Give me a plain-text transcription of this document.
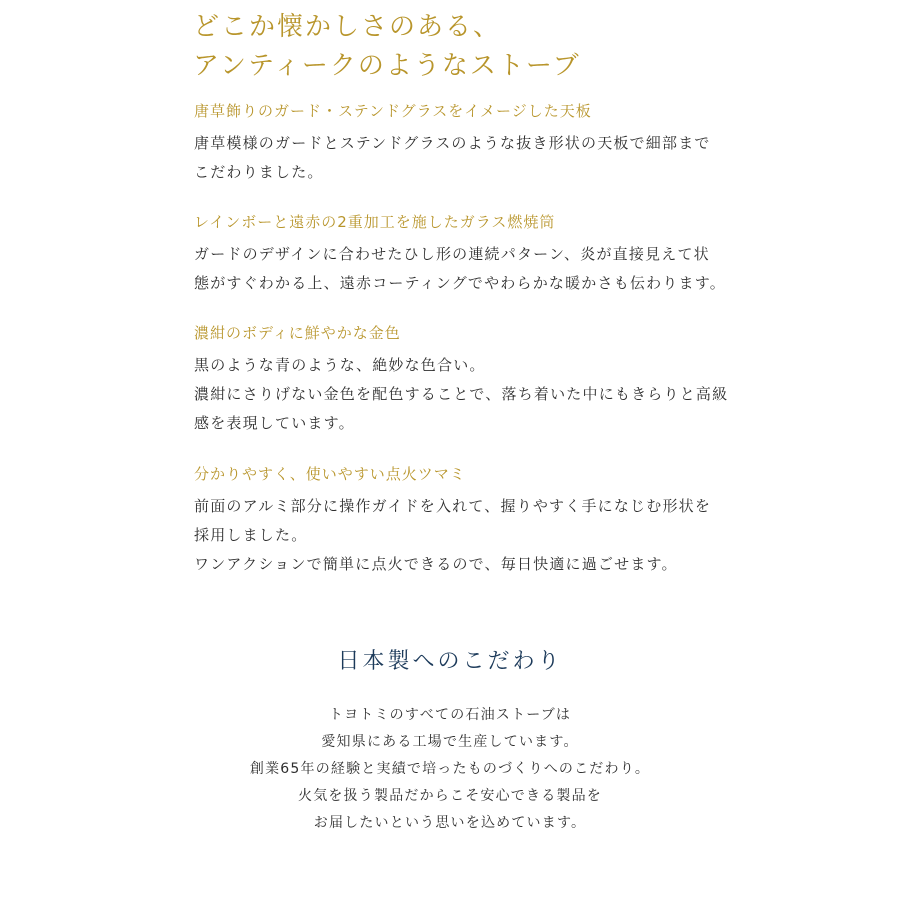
どこか懐かしさのある、
アンティークのようなストーブ
唐草飾りのガード・ステンドグラスをイメージした天板

唐草模様のガードとステンドグラスのような抜き形状の天板で細部まで
こだわりました。

レインボーと遠赤の2重加工を施したガラス燃焼筒

ガードのデザインに合わせたひし形の連続パターン、炎が直接見えて状
態がすぐわかる上、遠赤コーティングでやわらかな暖かさも伝わります。

濃紺のボディに鮮やかな金色

黒のような青のような、絶妙な色合い。
濃紺にさりげない金色を配色することで、落ち着いた中にもきらりと高級
感を表現しています。

分かりやすく、使いやすい点火ツマミ

前面のアルミ部分に操作ガイドを入れて、握りやすく手になじむ形状を
採用しました。
ワンアクションで簡単に点火できるので、毎日快適に過ごせます。

日本製へのこだわり

トヨトミのすべての石油ストーブは
愛知県にある工場で生産しています。
創業65年の経験と実績で培ったものづくりへのこだわり。
火気を扱う製品だからこそ安心できる製品を
お届したいという思いを込めています。
